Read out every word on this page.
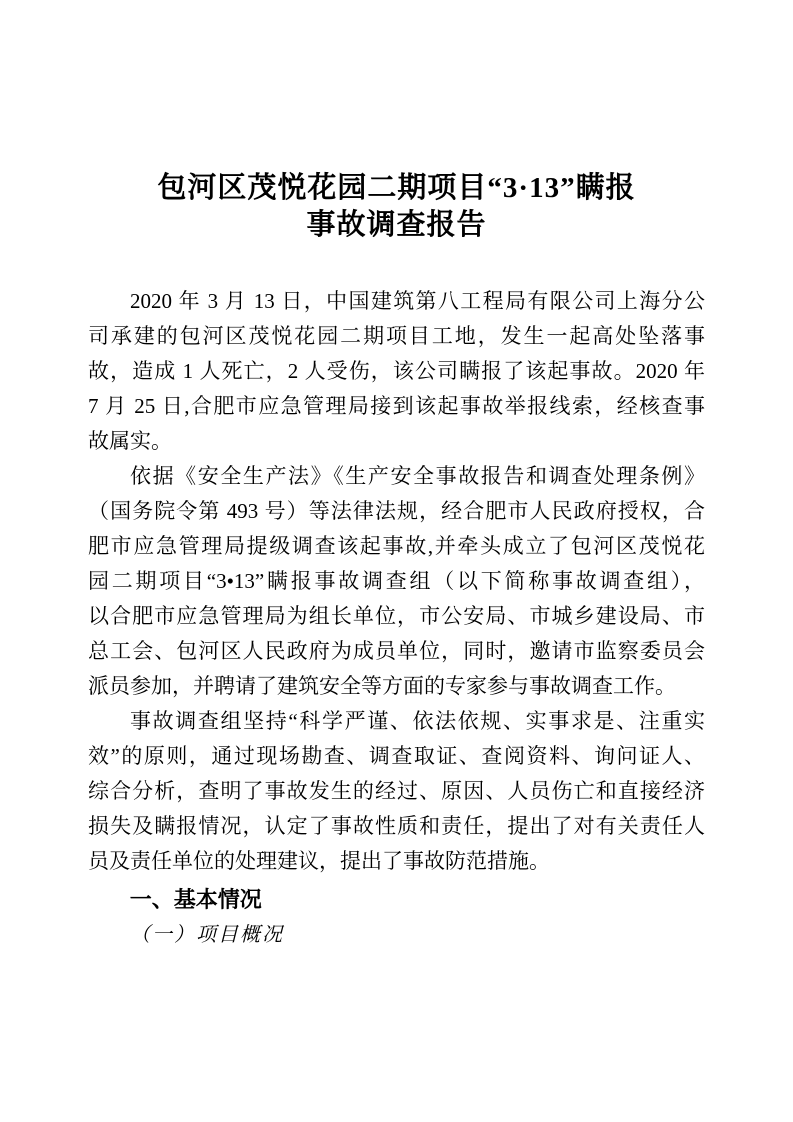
包河区茂悦花园二期项目“3·13”瞒报
事故调查报告
2020 年 3 月 13 日，中国建筑第八工程局有限公司上海分公
司承建的包河区茂悦花园二期项目工地，发生一起高处坠落事
故，造成 1 人死亡，2 人受伤，该公司瞒报了该起事故。2020 年
7 月 25 日,合肥市应急管理局接到该起事故举报线索，经核查事
故属实。
依据《安全生产法》《生产安全事故报告和调查处理条例》
（国务院令第 493 号）等法律法规，经合肥市人民政府授权，合
肥市应急管理局提级调查该起事故,并牵头成立了包河区茂悦花
园二期项目“3•13”瞒报事故调查组（以下简称事故调查组），
以合肥市应急管理局为组长单位，市公安局、市城乡建设局、市
总工会、包河区人民政府为成员单位，同时，邀请市监察委员会
派员参加，并聘请了建筑安全等方面的专家参与事故调查工作。
事故调查组坚持“科学严谨、依法依规、实事求是、注重实
效”的原则，通过现场勘查、调查取证、查阅资料、询问证人、
综合分析，查明了事故发生的经过、原因、人员伤亡和直接经济
损失及瞒报情况，认定了事故性质和责任，提出了对有关责任人
员及责任单位的处理建议，提出了事故防范措施。
一、基本情况
（一）项目概况
